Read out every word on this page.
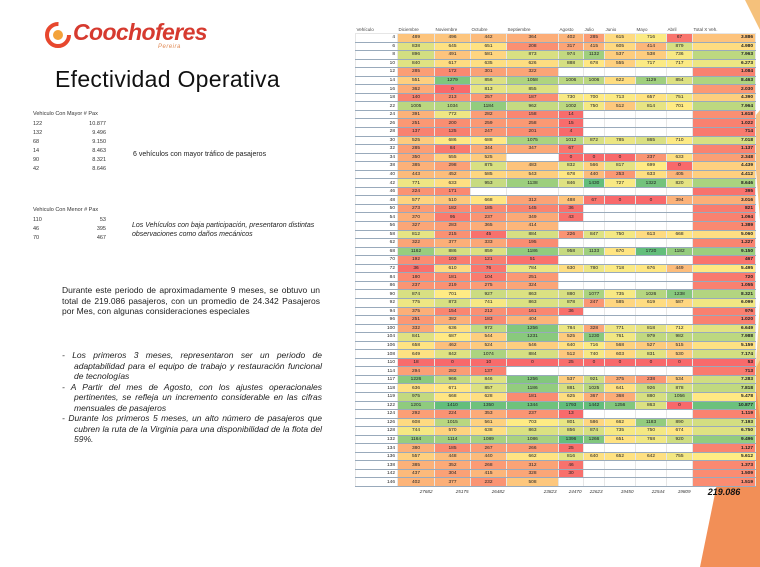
Coochoferes
Pereira
Efectividad Operativa
Vehiculo Con Mayor # Pax
122	10.877
132	9.496
68	9.150
14	8.463
90	8.321
42	8.646
6 vehículos con mayor tráfico de pasajeros
Vehiculo Con Menor # Pax
110	53
46	395
70	467
Los Vehículos con baja participación, presentaron distintas observaciones como daños mecánicos
Durante este periodo de aproximadamente 9 meses, se obtuvo un total de 219.086 pasajeros, con un promedio de 24.342 Pasajeros por Mes, con algunas consideraciones especiales
- Los primeros 3 meses, representaron ser un periodo de adaptabilidad para el equipo de trabajo y restauración funcional de tecnologías
- A Partir del mes de Agosto, con los ajustes operacionales pertinentes, se refleja un incremento considerable en las cifras mensuales de pasajeros
- Durante los primeros 5 meses, un alto número de pasajeros que cubren la ruta de la Virginia para una disponibilidad de la flota del 59%.
Vehículo	Diciembre	Noviembre	Octubre	Septiembre	Agosto	Julio	Junio	Mayo	Abril	Total X Veh.
4	489	496	442	364	402	285	615	716	67	3.886
6	838	645	651	208	317	415	605	414	879	4.980
8	896	491	581	873	974	1132	537	538	736	7.963
10	840	617	635	626	888	678	555	717	717	6.273
12	285	172	301	322						1.084
14	551	1279	856	1058	1006	1006	622	1129	854	8.463
16	362	0	813	855						2.030
18	140	213	257	187	730	700	713	657	751	4.390
22	1005	1034	1184	962	1002	750	512	814	701	7.964
24	391	772	282	158	14					1.618
26	251	200	259	258	15					1.022
28	137	125	247	201	4					714
30	525	686	688	1075	1012	872	785	865	710	7.018
32	285	84	344	347	67					1.137
34	350	555	525		0	0	0	237	633	2.348
38	385	298	875	483	832	566	817	699	0	4.439
40	443	452	585	543	678	440	253	633	405	4.412
42	771	633	953	1138	846	1430	727	1322	820	8.646
46	224	171								395
48	577	510	668	312	488	67	0	0	394	3.016
50	273	182	185	145	36					821
54	370	95	237	349	43					1.094
56	327	283	365	414						1.389
58	812	215	45	884	226	847	750	613	668	5.060
62	322	377	333	195						1.227
68	1162	886	859	1186	958	1133	670	1720	1182	9.150
70	192	103	121	51						467
72	36	610	76	784	630	780	718	676	449	5.495
84	180	181	104	251						720
86	237	219	275	324						1.055
90	874	701	927	863	880	1077	735	1026	1238	8.321
92	775	873	741	863	878	247	585	619	587	6.099
94	375	154	212	161	36					976
96	251	382	183	404						1.020
100	332	636	972	1256	784	328	771	818	712	6.649
104	841	687	544	1231	525	1230	761	979	982	7.988
106	658	462	524	546	640	716	568	527	515	5.159
108	649	842	1074	884	512	740	603	831	530	7.174
110	18	0	10	0	25	0	0	0	0	53
114	294	282	137							713
117	1226	966	846	1256	537	921	375	238	534	7.283
118	636	671	857	1186	881	1025	641	926	878	7.818
119	975	668	628	181	625	367	368	880	1056	5.478
122	1201	1410	1350	1344	1793	1442	1256	863	0	10.877
124	292	224	353	237	13					1.119
126	608	1015	561	703	801	586	662	1183	890	7.193
128	744	570	638	863	856	874	735	750	674	6.750
132	1164	1114	1089	1086	1396	1266	651	768	920	9.496
134	380	185	267	266	25					1.127
136	557	448	440	662	816	640	652	642	755	5.612
138	385	352	268	312	46					1.373
142	437	304	415	328	30					1.509
146	402	377	232	508						1.519
	27682	25175	26482	23823	24470	22623	19450	22544	19809	219.086
